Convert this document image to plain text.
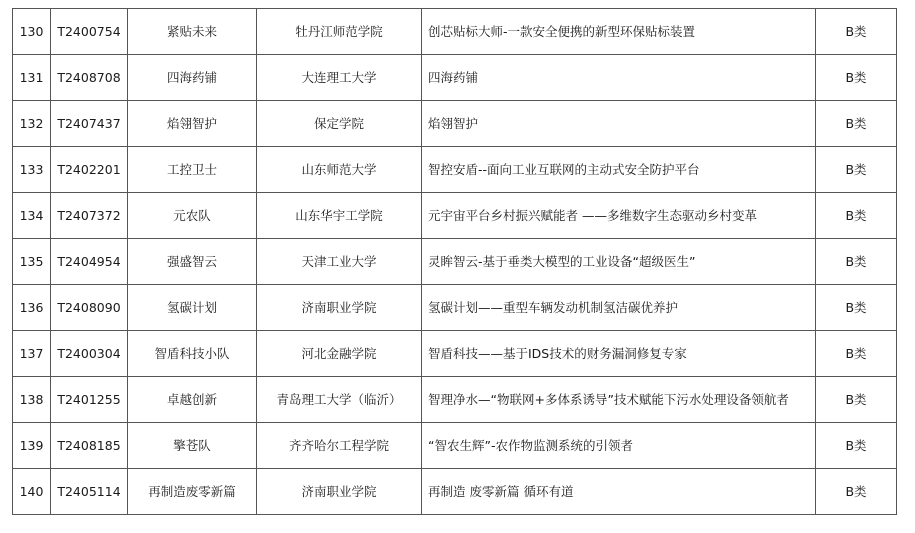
130	T2400754	紧贴未来	牡丹江师范学院	创芯贴标大师-一款安全便携的新型环保贴标装置	B类
131	T2408708	四海药铺	大连理工大学	四海药铺	B类
132	T2407437	焰翎智护	保定学院	焰翎智护	B类
133	T2402201	工控卫士	山东师范大学	智控安盾--面向工业互联网的主动式安全防护平台	B类
134	T2407372	元农队	山东华宇工学院	元宇宙平台乡村振兴赋能者 ——多维数字生态驱动乡村变革	B类
135	T2404954	强盛智云	天津工业大学	灵眸智云-基于垂类大模型的工业设备“超级医生”	B类
136	T2408090	氢碳计划	济南职业学院	氢碳计划——重型车辆发动机制氢洁碳优养护	B类
137	T2400304	智盾科技小队	河北金融学院	智盾科技——基于IDS技术的财务漏洞修复专家	B类
138	T2401255	卓越创新	青岛理工大学（临沂）	智理净水—“物联网+多体系诱导”技术赋能下污水处理设备领航者	B类
139	T2408185	擎苍队	齐齐哈尔工程学院	“智农生辉”-农作物监测系统的引领者	B类
140	T2405114	再制造废零新篇	济南职业学院	再制造 废零新篇 循环有道	B类
